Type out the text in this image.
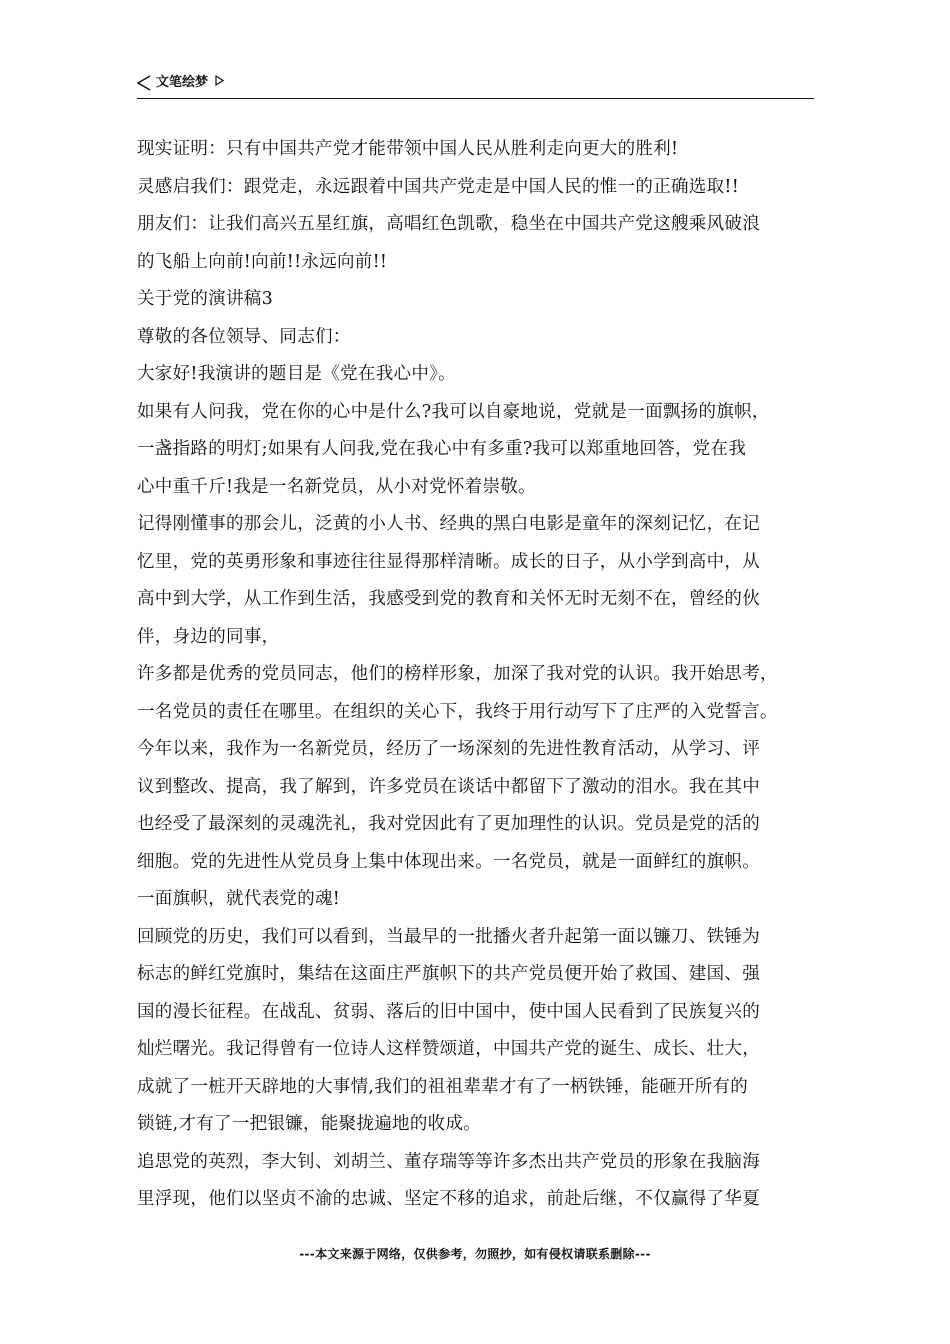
文笔绘梦
现实证明：只有中国共产党才能带领中国人民从胜利走向更大的胜利!
灵感启我们：跟党走，永远跟着中国共产党走是中国人民的惟一的正确选取!!
朋友们：让我们高兴五星红旗，高唱红色凯歌，稳坐在中国共产党这艘乘风破浪
的飞船上向前!向前!!永远向前!!
关于党的演讲稿3
尊敬的各位领导、同志们：
大家好!我演讲的题目是《党在我心中》。
如果有人问我，党在你的心中是什么?我可以自豪地说，党就是一面飘扬的旗帜，
一盏指路的明灯;如果有人问我,党在我心中有多重?我可以郑重地回答，党在我
心中重千斤!我是一名新党员，从小对党怀着崇敬。
记得刚懂事的那会儿，泛黄的小人书、经典的黑白电影是童年的深刻记忆，在记
忆里，党的英勇形象和事迹往往显得那样清晰。成长的日子，从小学到高中，从
高中到大学，从工作到生活，我感受到党的教育和关怀无时无刻不在，曾经的伙
伴，身边的同事，
许多都是优秀的党员同志，他们的榜样形象，加深了我对党的认识。我开始思考，
一名党员的责任在哪里。在组织的关心下，我终于用行动写下了庄严的入党誓言。
今年以来，我作为一名新党员，经历了一场深刻的先进性教育活动，从学习、评
议到整改、提高，我了解到，许多党员在谈话中都留下了激动的泪水。我在其中
也经受了最深刻的灵魂洗礼，我对党因此有了更加理性的认识。党员是党的活的
细胞。党的先进性从党员身上集中体现出来。一名党员，就是一面鲜红的旗帜。
一面旗帜，就代表党的魂!
回顾党的历史，我们可以看到，当最早的一批播火者升起第一面以镰刀、铁锤为
标志的鲜红党旗时，集结在这面庄严旗帜下的共产党员便开始了救国、建国、强
国的漫长征程。在战乱、贫弱、落后的旧中国中，使中国人民看到了民族复兴的
灿烂曙光。我记得曾有一位诗人这样赞颂道，中国共产党的诞生、成长、壮大，
成就了一桩开天辟地的大事情,我们的祖祖辈辈才有了一柄铁锤，能砸开所有的
锁链,才有了一把银镰，能聚拢遍地的收成。
追思党的英烈，李大钊、刘胡兰、董存瑞等等许多杰出共产党员的形象在我脑海
里浮现，他们以坚贞不渝的忠诚、坚定不移的追求，前赴后继，不仅赢得了华夏
---本文来源于网络，仅供参考，勿照抄，如有侵权请联系删除---
